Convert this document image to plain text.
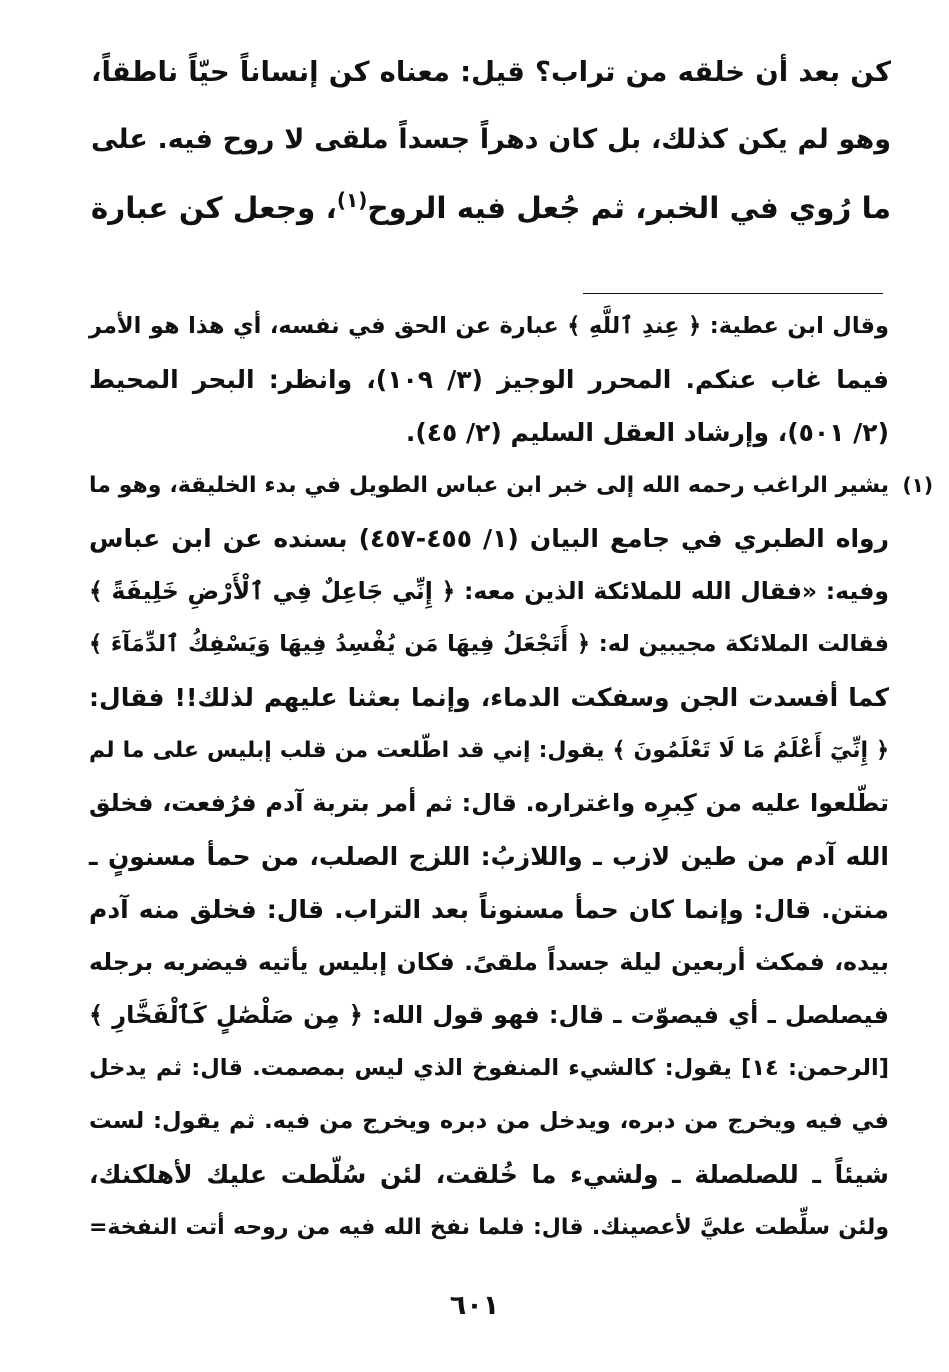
كن بعد أن خلقه من تراب؟ قيل: معناه كن إنساناً حيّاً ناطقاً،
وهو لم يكن كذلك، بل كان دهراً جسداً ملقى لا روح فيه. على
ما رُوي في الخبر، ثم جُعل فيه الروح$^{(١)}$، وجعل كن عبارة
وقال ابن عطية: ﴿ عِندِ ٱللَّهِ ﴾ عبارة عن الحق في نفسه، أي هذا هو الأمر
فيما غاب عنكم. المحرر الوجيز (٣/ ١٠٩)، وانظر: البحر المحيط
(٢/ ٥٠١)، وإرشاد العقل السليم (٢/ ٤٥).
(١)
يشير الراغب رحمه الله إلى خبر ابن عباس الطويل في بدء الخليقة، وهو ما
رواه الطبري في جامع البيان (١/ ٤٥٥-٤٥٧) بسنده عن ابن عباس
وفيه: «فقال الله للملائكة الذين معه: ﴿ إِنِّي جَاعِلٌ فِي ٱلْأَرْضِ خَلِيفَةً ﴾
فقالت الملائكة مجيبين له: ﴿ أَتَجْعَلُ فِيهَا مَن يُفْسِدُ فِيهَا وَيَسْفِكُ ٱلدِّمَآءَ ﴾
كما أفسدت الجن وسفكت الدماء، وإنما بعثنا عليهم لذلك!! فقال:
﴿ إِنِّيٓ أَعْلَمُ مَا لَا تَعْلَمُونَ ﴾ يقول: إني قد اطّلعت من قلب إبليس على ما لم
تطّلعوا عليه من كِبرِه واغتراره. قال: ثم أمر بتربة آدم فرُفعت، فخلق
الله آدم من طين لازب ـ واللازبُ: اللزج الصلب، من حمأ مسنونٍ ـ
منتن. قال: وإنما كان حمأ مسنوناً بعد التراب. قال: فخلق منه آدم
بيده، فمكث أربعين ليلة جسداً ملقىً. فكان إبليس يأتيه فيضربه برجله
فيصلصل ـ أي فيصوّت ـ قال: فهو قول الله: ﴿ مِن صَلْصَٰلٍ كَٱلْفَخَّارِ ﴾
[الرحمن: ١٤] يقول: كالشيء المنفوخ الذي ليس بمصمت. قال: ثم يدخل
في فيه ويخرج من دبره، ويدخل من دبره ويخرج من فيه. ثم يقول: لست
شيئاً ـ للصلصلة ـ ولشيء ما خُلقت، لئن سُلّطت عليك لأهلكنك،
ولئن سلِّطت عليَّ لأعصينك. قال: فلما نفخ الله فيه من روحه أتت النفخة=
٦٠١
